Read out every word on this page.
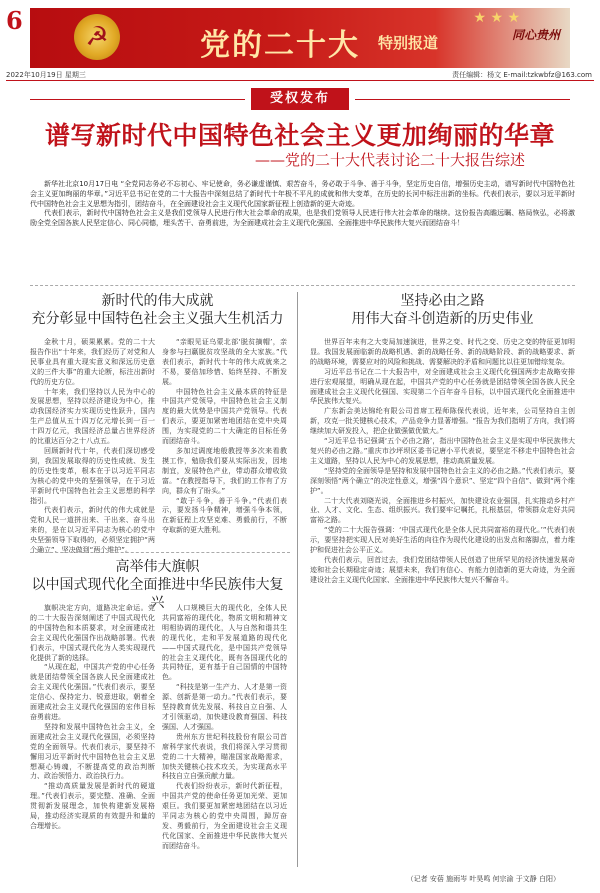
6
☭
★ ★ ★
党的二十大 特别报道	同心贵州
2022年10月19日 星期三	责任编辑：杨文 E-mail:tzkwbfz@163.com
受权发布
谱写新时代中国特色社会主义更加绚丽的华章
——党的二十大代表讨论二十大报告综述
新华社北京10月17日电 “全党同志务必不忘初心、牢记使命，务必谦虚谨慎、艰苦奋斗，务必敢于斗争、善于斗争，坚定历史自信，增强历史主动，谱写新时代中国特色社会主义更加绚丽的华章。”习近平总书记在党的二十大报告中深刻总结了新时代十年极不平凡的成就和伟大变革，在历史的长河中标注出新的坐标。代表们表示，要以习近平新时代中国特色社会主义思想为指引，团结奋斗，在全面建设社会主义现代化国家新征程上创造新的更大奇迹。
代表们表示，新时代中国特色社会主义是我们党领导人民进行伟大社会革命的成果，也是我们党领导人民进行伟大社会革命的继续。这份报告高瞻远瞩、格局恢弘，必将激励全党全国各族人民坚定信心、同心同德，埋头苦干、奋勇前进，为全面建成社会主义现代化强国、全面推进中华民族伟大复兴而团结奋斗！
新时代的伟大成就
充分彰显中国特色社会主义强大生机活力

金秋十月，硕果累累。党的二十大报告作出“十年来，我们经历了对党和人民事业具有重大现实意义和深远历史意义的三件大事”的重大论断，标注出新时代的历史方位。

十年来，我们坚持以人民为中心的发展思想，坚持以经济建设为中心，推动我国经济实力实现历史性跃升，国内生产总值从五十四万亿元增长到一百一十四万亿元，我国经济总量占世界经济的比重达百分之十八点五。

回顾新时代十年，代表们深切感受到，我国发展取得的历史性成就、发生的历史性变革，根本在于以习近平同志为核心的党中央的坚强领导，在于习近平新时代中国特色社会主义思想的科学指引。

代表们表示，新时代的伟大成就是党和人民一道拼出来、干出来、奋斗出来的，是在以习近平同志为核心的党中央坚强领导下取得的，必须坚定拥护“两个确立”、坚决做到“两个维护”。

“亲眼见证乌蒙北部‘脱贫摘帽’，亲身参与扫赢脱贫攻坚战的全大家族。”代表们表示，新时代十年的伟大成就来之不易，要倍加珍惜、始终坚持、不断发展。

中国特色社会主义最本质的特征是中国共产党领导，中国特色社会主义制度的最大优势是中国共产党领导。代表们表示，要更加紧密地团结在党中央周围，为实现党的二十大确定的目标任务而团结奋斗。

多加过调度地般教授等多次来看教摸工作，勉励我们要从实际出发，因地制宜，发展特色产业，带动群众增收致富。“在教授指导下，我们的工作有了方向，群众有了盼头。”

“敢于斗争，善于斗争。”代表们表示，要发扬斗争精神，增强斗争本领，在新征程上攻坚克难、勇毅前行，不断夺取新的更大胜利。

坚持必由之路
用伟大奋斗创造新的历史伟业

世界百年未有之大变局加速演进，世界之变、时代之变、历史之变的特征更加明显。我国发展面临新的战略机遇、新的战略任务、新的战略阶段、新的战略要求、新的战略环境，需要应对的风险和挑战、需要解决的矛盾和问题比以往更加错综复杂。

习近平总书记在二十大报告中，对全面建成社会主义现代化强国两步走战略安排进行宏观展望，明确从现在起，中国共产党的中心任务就是团结带领全国各族人民全面建成社会主义现代化强国、实现第二个百年奋斗目标，以中国式现代化全面推进中华民族伟大复兴。

广东新会美达锦纶有限公司首席工程师陈保代表说，近年来，公司坚持自主创新，攻克一批关键核心技术，产品竞争力显著增强。“报告为我们指明了方向，我们将继续加大研发投入，把企业做强做优做大。”

“习近平总书记强调‘五个必由之路’，指出中国特色社会主义是实现中华民族伟大复兴的必由之路。”重庆市沙坪坝区委书记唐小平代表说，要坚定不移走中国特色社会主义道路，坚持以人民为中心的发展思想，推动高质量发展。

“坚持党的全面领导是坚持和发展中国特色社会主义的必由之路。”代表们表示，要深刻领悟“两个确立”的决定性意义，增强“四个意识”、坚定“四个自信”、做到“两个维护”。

二十大代表刘晓光说，全面推进乡村振兴，加快建设农业强国，扎实推动乡村产业、人才、文化、生态、组织振兴。我们要牢记嘱托，扎根基层，带领群众走好共同富裕之路。

“党的二十大报告强调：‘中国式现代化是全体人民共同富裕的现代化。’”代表们表示，要坚持把实现人民对美好生活的向往作为现代化建设的出发点和落脚点，着力维护和促进社会公平正义。

代表们表示，回首过去，我们党团结带领人民创造了世所罕见的经济快速发展奇迹和社会长期稳定奇迹；展望未来，我们有信心、有能力创造新的更大奇迹，为全面建设社会主义现代化国家、全面推进中华民族伟大复兴不懈奋斗。

高举伟大旗帜
以中国式现代化全面推进中华民族伟大复兴

旗帜决定方向，道路决定命运。党的二十大报告深刻阐述了中国式现代化的中国特色和本质要求，对全面建成社会主义现代化强国作出战略部署。代表们表示，中国式现代化为人类实现现代化提供了新的选择。

“从现在起，中国共产党的中心任务就是团结带领全国各族人民全面建成社会主义现代化强国。”代表们表示，要坚定信心、保持定力、锐意进取，朝着全面建成社会主义现代化强国的宏伟目标奋勇前进。

坚持和发展中国特色社会主义，全面建成社会主义现代化强国，必须坚持党的全面领导。代表们表示，要坚持不懈用习近平新时代中国特色社会主义思想凝心铸魂，不断提高党的政治判断力、政治领悟力、政治执行力。

“推动高质量发展是新时代的硬道理。”代表们表示，要完整、准确、全面贯彻新发展理念，加快构建新发展格局，推动经济实现质的有效提升和量的合理增长。

人口规模巨大的现代化，全体人民共同富裕的现代化，物质文明和精神文明相协调的现代化，人与自然和谐共生的现代化，走和平发展道路的现代化——中国式现代化，是中国共产党领导的社会主义现代化，既有各国现代化的共同特征，更有基于自己国情的中国特色。

“科技是第一生产力、人才是第一资源、创新是第一动力。”代表们表示，要坚持教育优先发展、科技自立自强、人才引领驱动，加快建设教育强国、科技强国、人才强国。

贵州东方世纪科技股份有限公司首席科学家代表说，我们将深入学习贯彻党的二十大精神，瞄准国家战略需求，加快关键核心技术攻关，为实现高水平科技自立自强贡献力量。

代表们纷纷表示，新时代新征程，中国共产党的使命任务更加光荣、更加艰巨。我们要更加紧密地团结在以习近平同志为核心的党中央周围，踔厉奋发、勇毅前行，为全面建设社会主义现代化国家、全面推进中华民族伟大复兴而团结奋斗。

（记者 安蓓 施雨岑 叶昊鸣 何宗渝 于文静 白阳）
